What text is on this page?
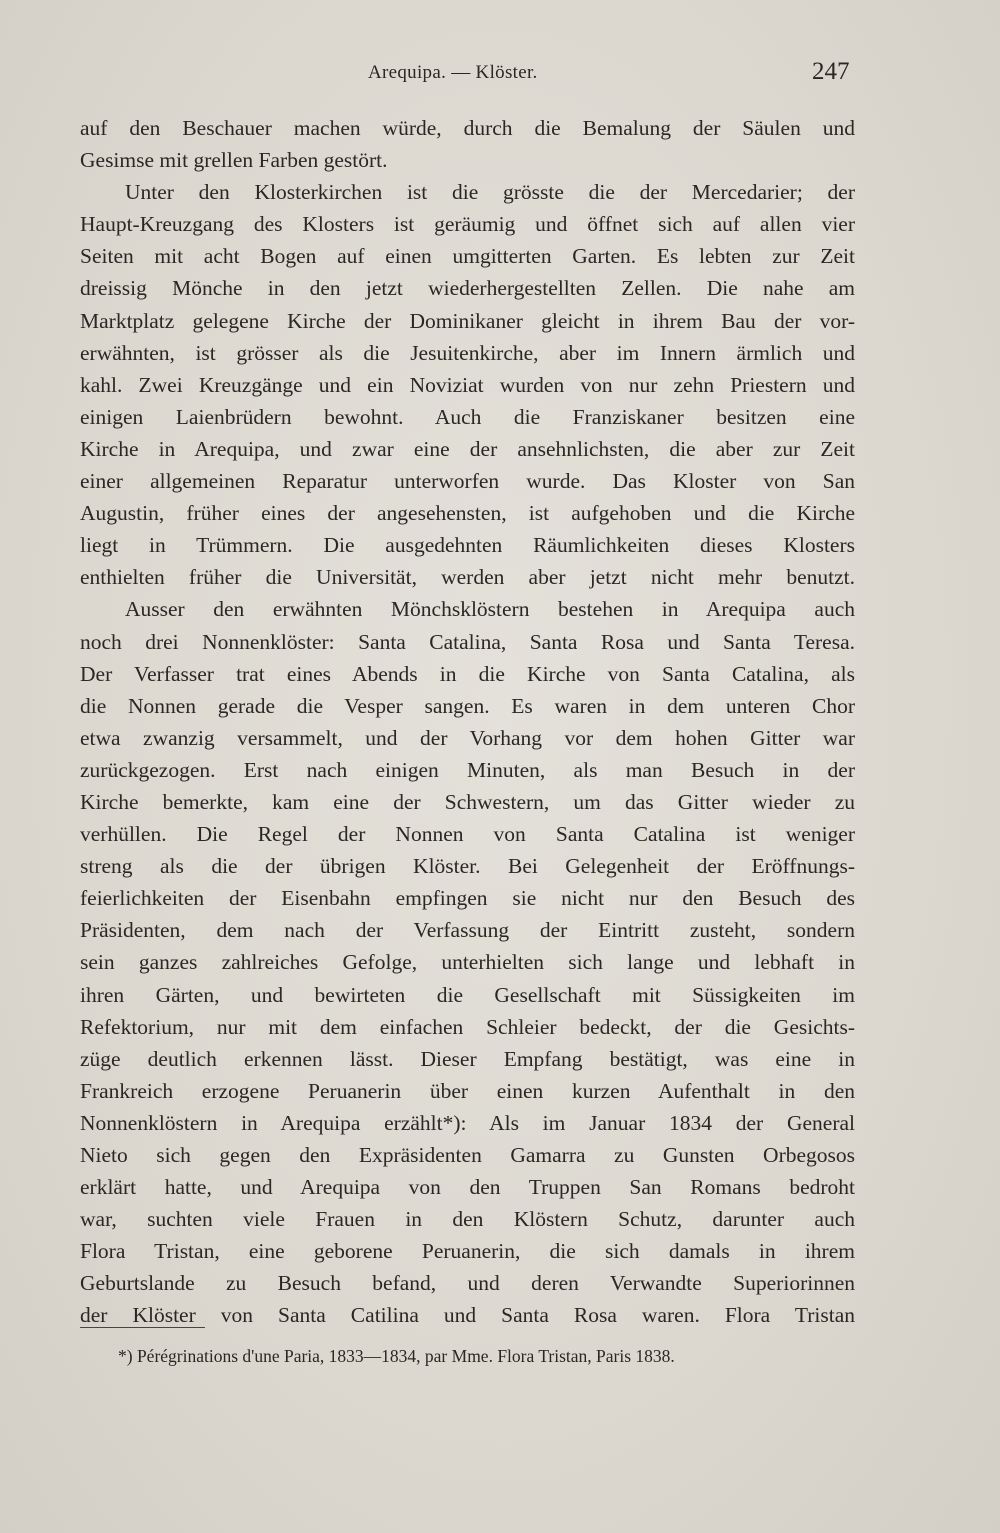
Arequipa. — Klöster.	247
auf den Beschauer machen würde, durch die Bemalung der Säulen und
Gesimse mit grellen Farben gestört.
Unter den Klosterkirchen ist die grösste die der Mercedarier; der
Haupt-Kreuzgang des Klosters ist geräumig und öffnet sich auf allen vier
Seiten mit acht Bogen auf einen umgitterten Garten. Es lebten zur Zeit
dreissig Mönche in den jetzt wiederhergestellten Zellen. Die nahe am
Marktplatz gelegene Kirche der Dominikaner gleicht in ihrem Bau der vor-
erwähnten, ist grösser als die Jesuitenkirche, aber im Innern ärmlich und
kahl. Zwei Kreuzgänge und ein Noviziat wurden von nur zehn Priestern und
einigen Laienbrüdern bewohnt. Auch die Franziskaner besitzen eine
Kirche in Arequipa, und zwar eine der ansehnlichsten, die aber zur Zeit
einer allgemeinen Reparatur unterworfen wurde. Das Kloster von San
Augustin, früher eines der angesehensten, ist aufgehoben und die Kirche
liegt in Trümmern. Die ausgedehnten Räumlichkeiten dieses Klosters
enthielten früher die Universität, werden aber jetzt nicht mehr benutzt.
Ausser den erwähnten Mönchsklöstern bestehen in Arequipa auch
noch drei Nonnenklöster: Santa Catalina, Santa Rosa und Santa Teresa.
Der Verfasser trat eines Abends in die Kirche von Santa Catalina, als
die Nonnen gerade die Vesper sangen. Es waren in dem unteren Chor
etwa zwanzig versammelt, und der Vorhang vor dem hohen Gitter war
zurückgezogen. Erst nach einigen Minuten, als man Besuch in der
Kirche bemerkte, kam eine der Schwestern, um das Gitter wieder zu
verhüllen. Die Regel der Nonnen von Santa Catalina ist weniger
streng als die der übrigen Klöster. Bei Gelegenheit der Eröffnungs-
feierlichkeiten der Eisenbahn empfingen sie nicht nur den Besuch des
Präsidenten, dem nach der Verfassung der Eintritt zusteht, sondern
sein ganzes zahlreiches Gefolge, unterhielten sich lange und lebhaft in
ihren Gärten, und bewirteten die Gesellschaft mit Süssigkeiten im
Refektorium, nur mit dem einfachen Schleier bedeckt, der die Gesichts-
züge deutlich erkennen lässt. Dieser Empfang bestätigt, was eine in
Frankreich erzogene Peruanerin über einen kurzen Aufenthalt in den
Nonnenklöstern in Arequipa erzählt*): Als im Januar 1834 der General
Nieto sich gegen den Expräsidenten Gamarra zu Gunsten Orbegosos
erklärt hatte, und Arequipa von den Truppen San Romans bedroht
war, suchten viele Frauen in den Klöstern Schutz, darunter auch
Flora Tristan, eine geborene Peruanerin, die sich damals in ihrem
Geburtslande zu Besuch befand, und deren Verwandte Superiorinnen
der Klöster von Santa Catilina und Santa Rosa waren. Flora Tristan
*) Pérégrinations d'une Paria, 1833—1834, par Mme. Flora Tristan, Paris 1838.
